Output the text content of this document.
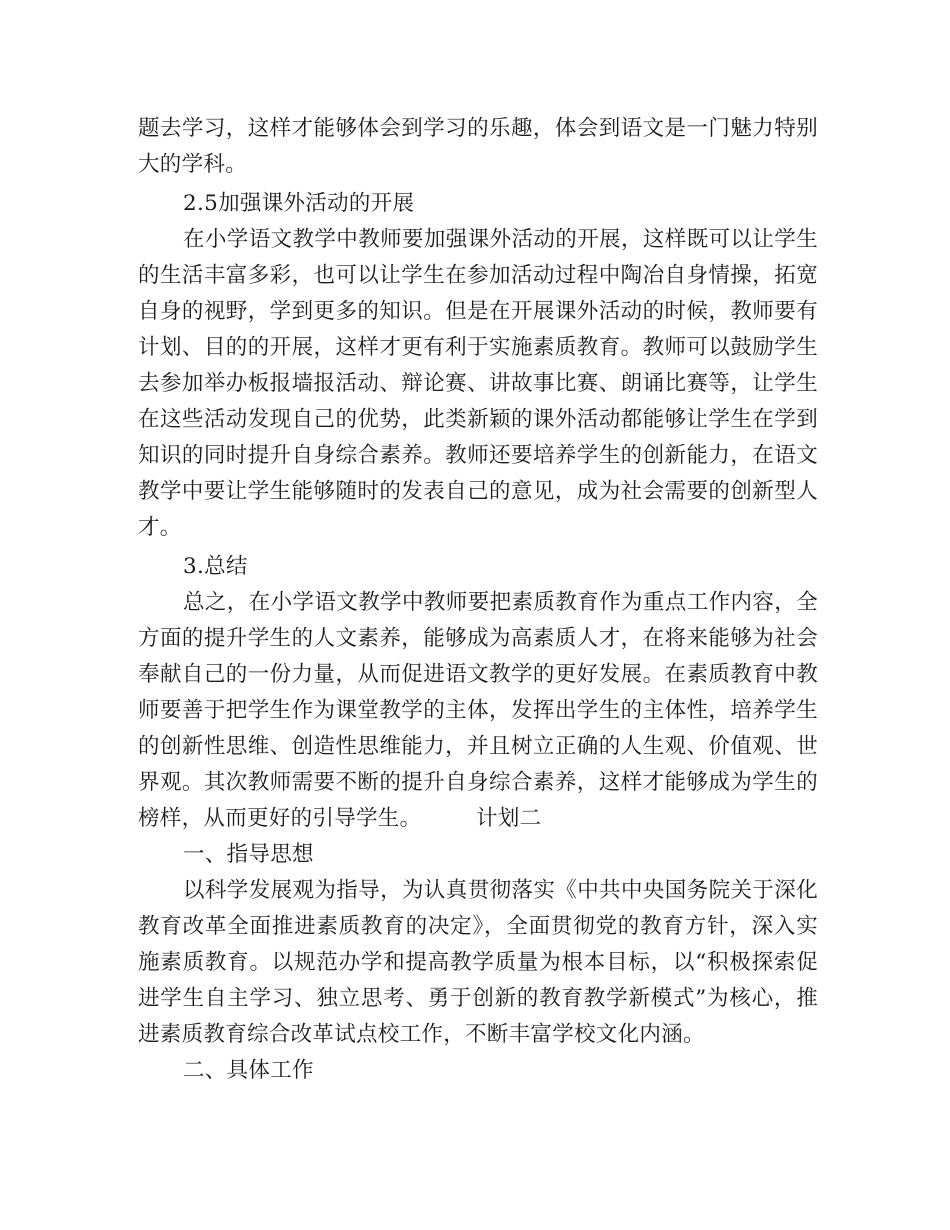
题去学习，这样才能够体会到学习的乐趣，体会到语文是一门魅力特别
大的学科。
2.5加强课外活动的开展
在小学语文教学中教师要加强课外活动的开展，这样既可以让学生
的生活丰富多彩，也可以让学生在参加活动过程中陶冶自身情操，拓宽
自身的视野，学到更多的知识。但是在开展课外活动的时候，教师要有
计划、目的的开展，这样才更有利于实施素质教育。教师可以鼓励学生
去参加举办板报墙报活动、辩论赛、讲故事比赛、朗诵比赛等，让学生
在这些活动发现自己的优势，此类新颖的课外活动都能够让学生在学到
知识的同时提升自身综合素养。教师还要培养学生的创新能力，在语文
教学中要让学生能够随时的发表自己的意见，成为社会需要的创新型人
才。
3.总结
总之，在小学语文教学中教师要把素质教育作为重点工作内容，全
方面的提升学生的人文素养，能够成为高素质人才，在将来能够为社会
奉献自己的一份力量，从而促进语文教学的更好发展。在素质教育中教
师要善于把学生作为课堂教学的主体，发挥出学生的主体性，培养学生
的创新性思维、创造性思维能力，并且树立正确的人生观、价值观、世
界观。其次教师需要不断的提升自身综合素养，这样才能够成为学生的
榜样，从而更好的引导学生。　　　计划二
一、指导思想
以科学发展观为指导，为认真贯彻落实《中共中央国务院关于深化
教育改革全面推进素质教育的决定》，全面贯彻党的教育方针，深入实
施素质教育。以规范办学和提高教学质量为根本目标，以“积极探索促
进学生自主学习、独立思考、勇于创新的教育教学新模式”为核心，推
进素质教育综合改革试点校工作，不断丰富学校文化内涵。
二、具体工作
